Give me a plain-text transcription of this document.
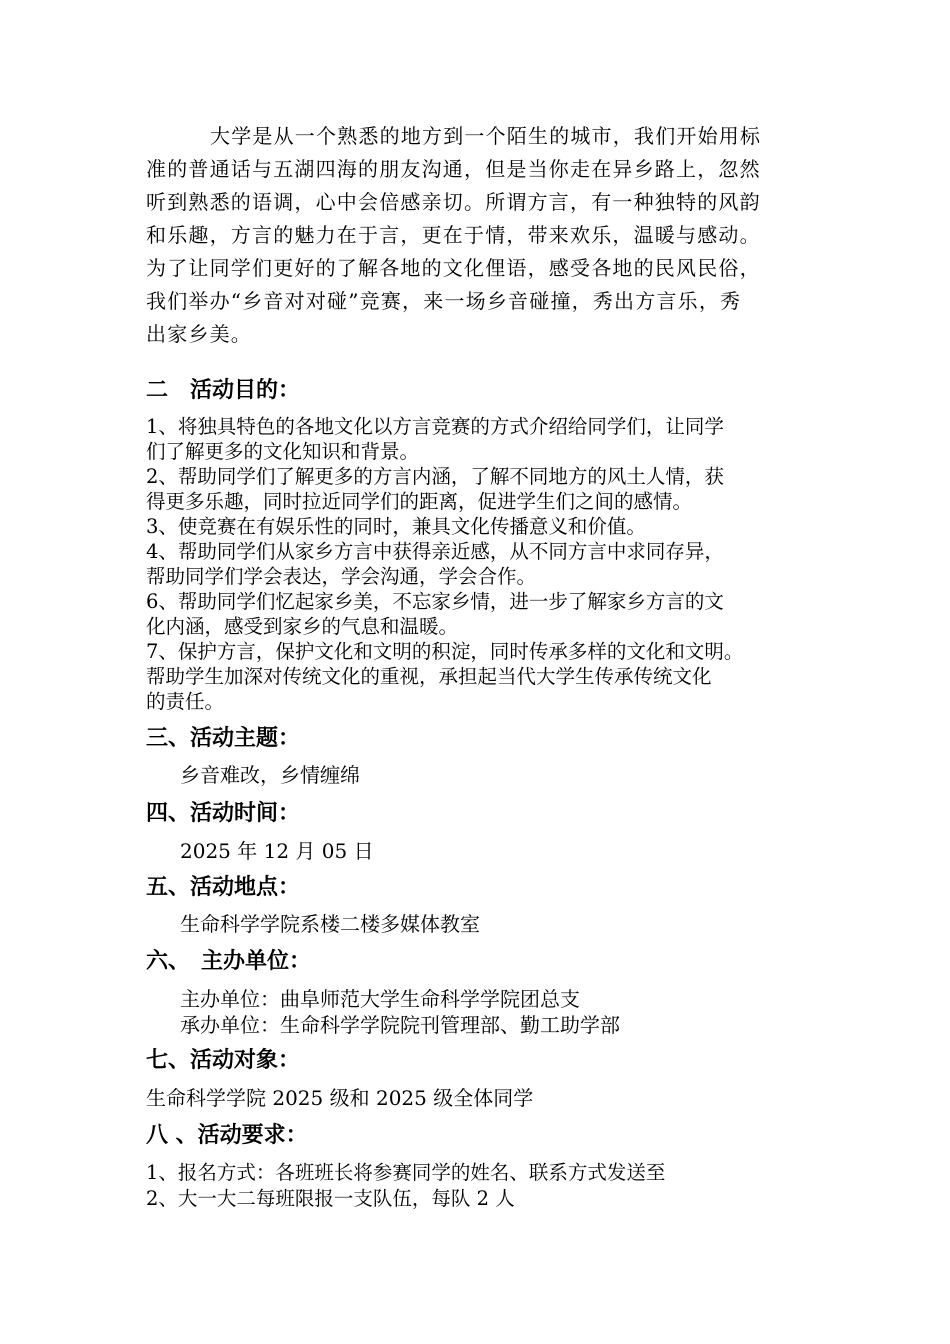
大学是从一个熟悉的地方到一个陌生的城市，我们开始用标
准的普通话与五湖四海的朋友沟通，但是当你走在异乡路上，忽然
听到熟悉的语调，心中会倍感亲切。所谓方言，有一种独特的风韵
和乐趣，方言的魅力在于言，更在于情，带来欢乐，温暖与感动。
为了让同学们更好的了解各地的文化俚语，感受各地的民风民俗，
我们举办“乡音对对碰”竞赛，来一场乡音碰撞，秀出方言乐，秀
出家乡美。
二　活动目的：
1、将独具特色的各地文化以方言竞赛的方式介绍给同学们，让同学
们了解更多的文化知识和背景。
2、帮助同学们了解更多的方言内涵，了解不同地方的风土人情，获
得更多乐趣，同时拉近同学们的距离，促进学生们之间的感情。
3、使竞赛在有娱乐性的同时，兼具文化传播意义和价值。
4、帮助同学们从家乡方言中获得亲近感，从不同方言中求同存异，
帮助同学们学会表达，学会沟通，学会合作。
6、帮助同学们忆起家乡美，不忘家乡情，进一步了解家乡方言的文
化内涵，感受到家乡的气息和温暖。
7、保护方言，保护文化和文明的积淀，同时传承多样的文化和文明。
帮助学生加深对传统文化的重视，承担起当代大学生传承传统文化
的责任。
三、活动主题：
乡音难改，乡情缠绵
四、活动时间：
2025 年 12 月 05 日
五、活动地点：
生命科学学院系楼二楼多媒体教室
六、　主办单位：
主办单位：曲阜师范大学生命科学学院团总支
承办单位：生命科学学院院刊管理部、勤工助学部
七、活动对象：
生命科学学院 2025 级和 2025 级全体同学
八 、活动要求：
1、报名方式：各班班长将参赛同学的姓名、联系方式发送至
2、大一大二每班限报一支队伍，每队 2 人
